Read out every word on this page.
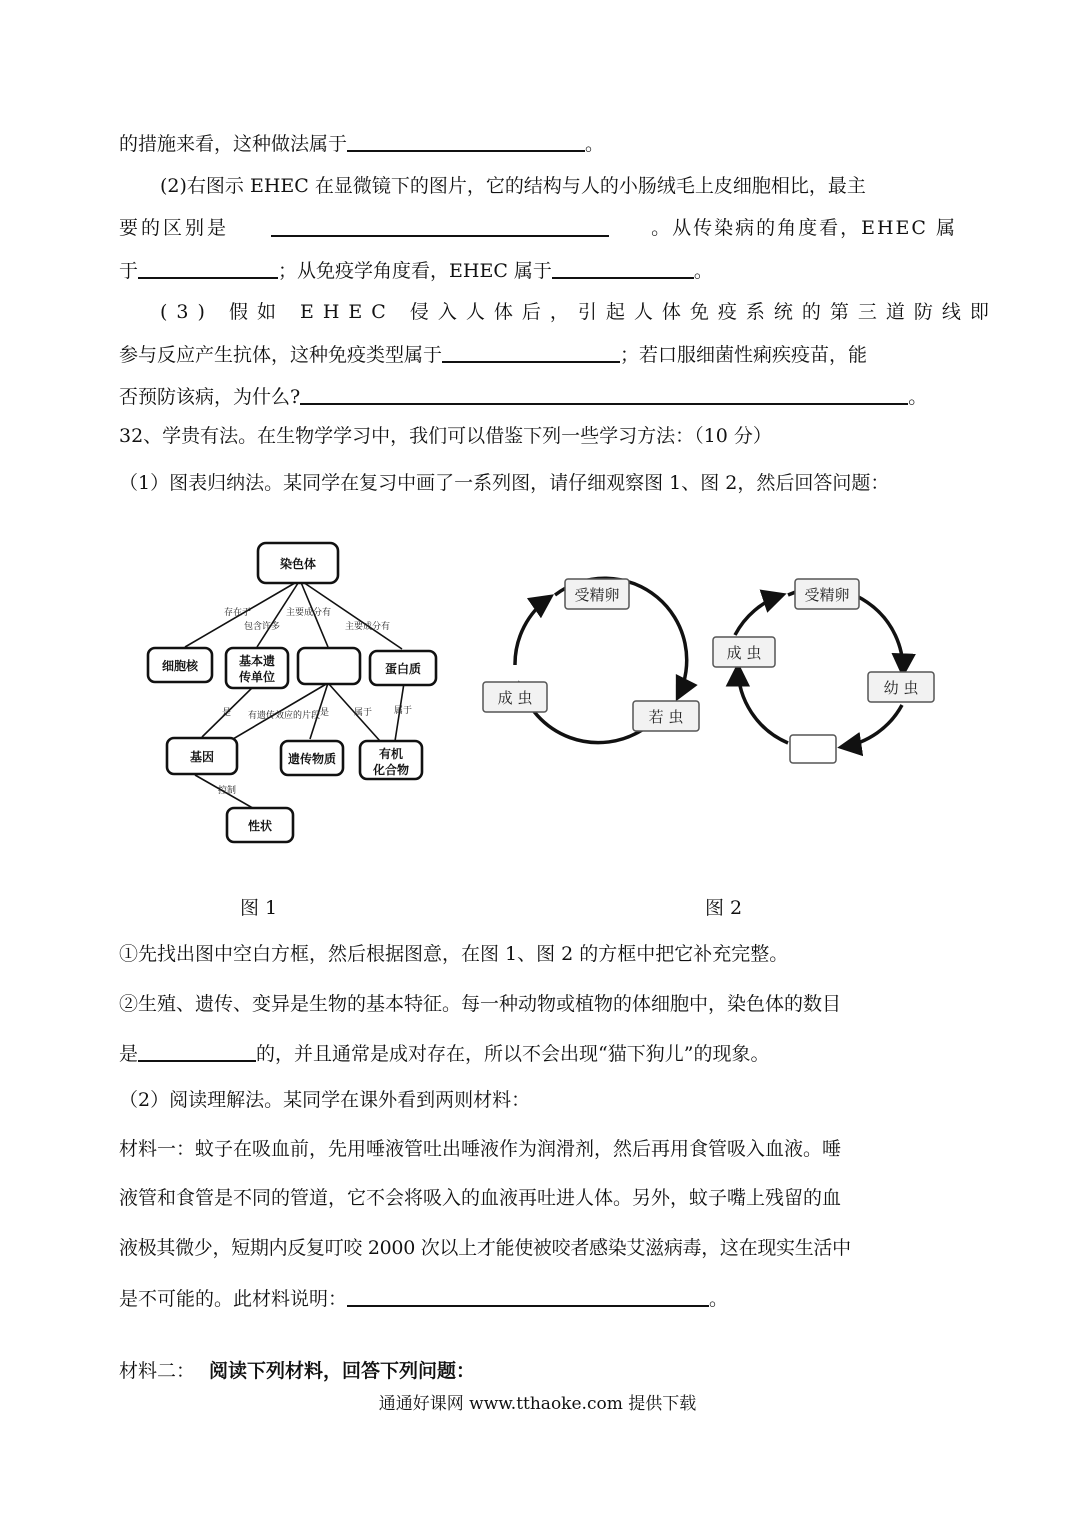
的措施来看，这种做法属于	。
(2)右图示 EHEC 在显微镜下的图片，它的结构与人的小肠绒毛上皮细胞相比，最主
要的区别是	。从传染病的角度看，EHEC 属
于	；从免疫学角度看，EHEC 属于	。
(3) 假如 EHEC 侵入人体后，引起人体免疫系统的第三道防线即
参与反应产生抗体，这种免疫类型属于	；若口服细菌性痢疾疫苗，能
否预防该病，为什么?	。
32、学贵有法。在生物学学习中，我们可以借鉴下列一些学习方法：（10 分）
（1）图表归纳法。某同学在复习中画了一系列图，请仔细观察图 1、图 2，然后回答问题：
染色体
细胞核	基本遗
传单位
蛋白质
基因	遗传物质	有机
化合物
性状
存在于
包含许多
主要成分有
主要成分有
是 有遗传效应的片段 是	属于 属于
控制
受精卵
若 虫
成 虫
受精卵
成 虫
幼 虫
图 1	图 2
①先找出图中空白方框，然后根据图意，在图 1、图 2 的方框中把它补充完整。
②生殖、遗传、变异是生物的基本特征。每一种动物或植物的体细胞中，染色体的数目
是	的，并且通常是成对存在，所以不会出现“猫下狗儿”的现象。
（2）阅读理解法。某同学在课外看到两则材料：
材料一：蚊子在吸血前，先用唾液管吐出唾液作为润滑剂，然后再用食管吸入血液。唾
液管和食管是不同的管道，它不会将吸入的血液再吐进人体。另外，蚊子嘴上残留的血
液极其微少，短期内反复叮咬 2000 次以上才能使被咬者感染艾滋病毒，这在现实生活中
是不可能的。此材料说明：	。
材料二： 阅读下列材料，回答下列问题：
通通好课网 www.tthaoke.com 提供下载
